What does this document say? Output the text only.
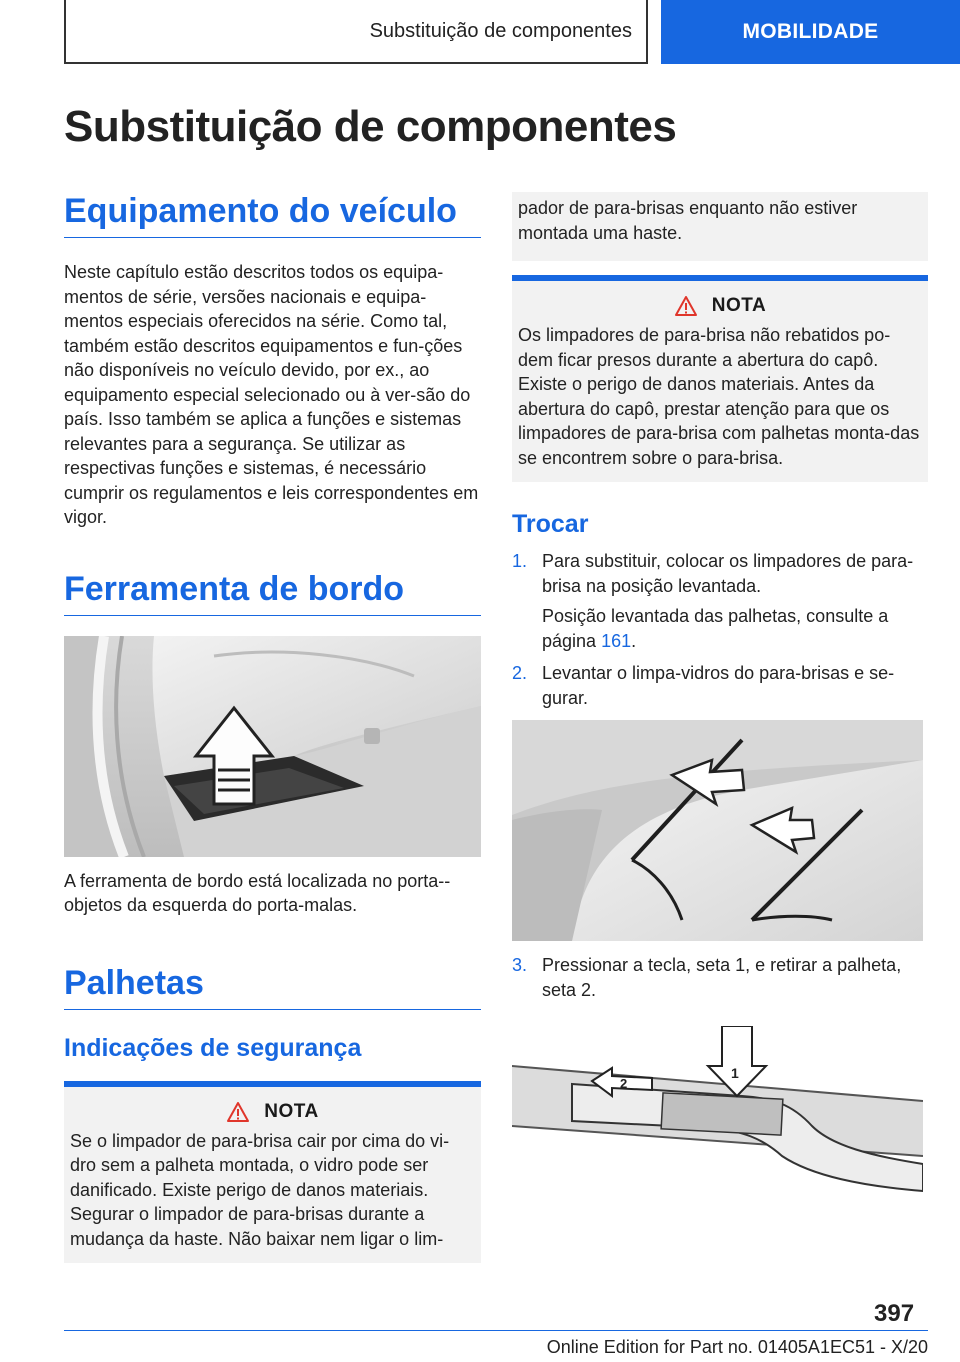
Substituição de componentes	MOBILIDADE
Substituição de componentes
Equipamento do veículo

Neste capítulo estão descritos todos os equipa-mentos de série, versões nacionais e equipa-mentos especiais oferecidos na série. Como tal, também estão descritos equipamentos e fun-ções não disponíveis no veículo devido, por ex., ao equipamento especial selecionado ou à ver-são do país. Isso também se aplica a funções e sistemas relevantes para a segurança. Se utilizar as respectivas funções e sistemas, é necessário cumprir os regulamentos e leis correspondentes em vigor.

Ferramenta de bordo

A ferramenta de bordo está localizada no porta--objetos da esquerda do porta-malas.

Palhetas
Indicações de segurança
NOTA

Se o limpador de para-brisa cair por cima do vi-dro sem a palheta montada, o vidro pode ser danificado. Existe perigo de danos materiais. Segurar o limpador de para-brisas durante a mudança da haste. Não baixar nem ligar o lim-

pador de para-brisas enquanto não estiver montada uma haste.

NOTA

Os limpadores de para-brisa não rebatidos po-dem ficar presos durante a abertura do capô. Existe o perigo de danos materiais. Antes da abertura do capô, prestar atenção para que os limpadores de para-brisa com palhetas monta-das se encontrem sobre o para-brisa.

Trocar
1. Para substituir, colocar os limpadores de para-brisa na posição levantada.
Posição levantada das palhetas, consulte a página 161.
2. Levantar o limpa-vidros do para-brisas e se-gurar.
3. Pressionar a tecla, seta 1, e retirar a palheta, seta 2.
2
1
397
Online Edition for Part no. 01405A1EC51 - X/20
